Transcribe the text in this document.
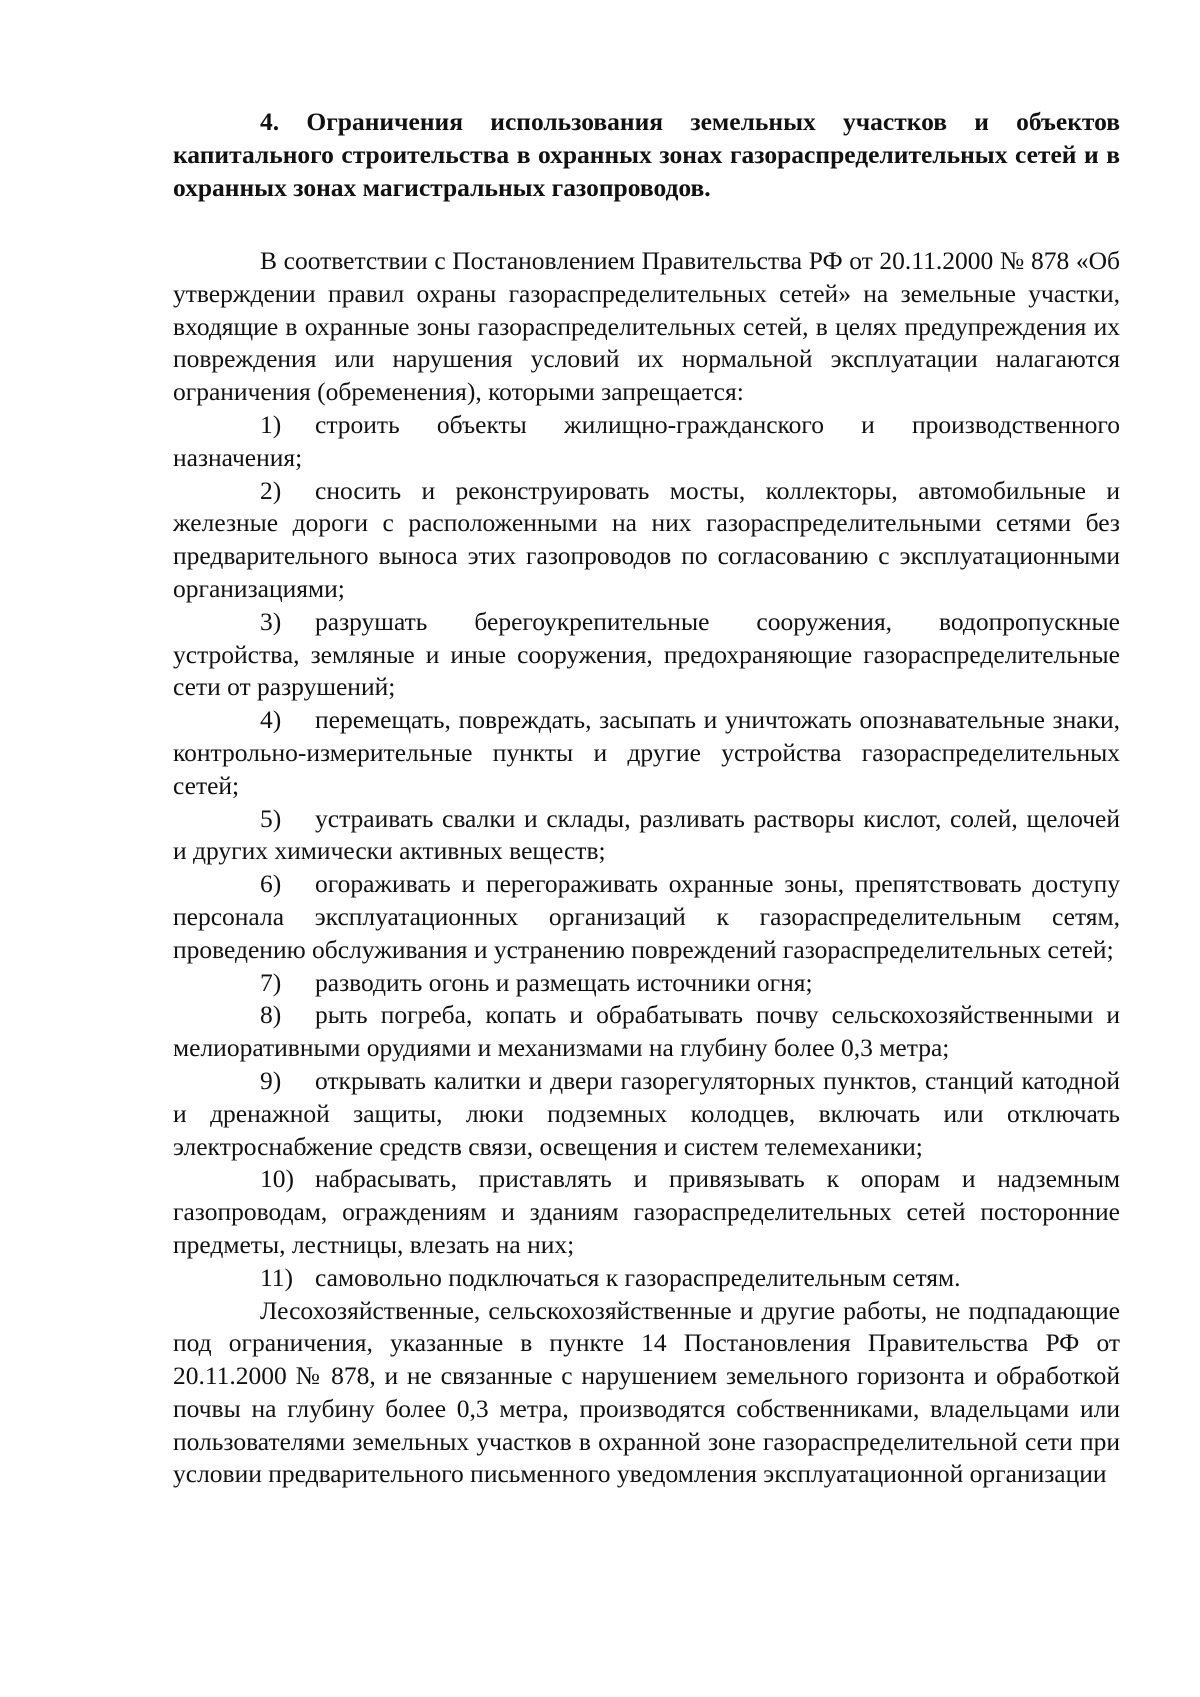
4. Ограничения использования земельных участков и объектов капитального строительства в охранных зонах газораспределительных сетей и в охранных зонах магистральных газопроводов.

В соответствии с Постановлением Правительства РФ от 20.11.2000 № 878 «Об утверждении правил охраны газораспределительных сетей» на земельные участки, входящие в охранные зоны газораспределительных сетей, в целях предупреждения их повреждения или нарушения условий их нормальной эксплуатации налагаются ограничения (обременения), которыми запрещается:

1) строить объекты жилищно-гражданского и производственного назначения;

2) сносить и реконструировать мосты, коллекторы, автомобильные и железные дороги с расположенными на них газораспределительными сетями без предварительного выноса этих газопроводов по согласованию с эксплуатационными организациями;

3) разрушать берегоукрепительные сооружения, водопропускные устройства, земляные и иные сооружения, предохраняющие газораспределительные сети от разрушений;

4) перемещать, повреждать, засыпать и уничтожать опознавательные знаки, контрольно-измерительные пункты и другие устройства газораспределительных сетей;

5) устраивать свалки и склады, разливать растворы кислот, солей, щелочей и других химически активных веществ;

6) огораживать и перегораживать охранные зоны, препятствовать доступу персонала эксплуатационных организаций к газораспределительным сетям, проведению обслуживания и устранению повреждений газораспределительных сетей;

7) разводить огонь и размещать источники огня;

8) рыть погреба, копать и обрабатывать почву сельскохозяйственными и мелиоративными орудиями и механизмами на глубину более 0,3 метра;

9) открывать калитки и двери газорегуляторных пунктов, станций катодной и дренажной защиты, люки подземных колодцев, включать или отключать электроснабжение средств связи, освещения и систем телемеханики;

10) набрасывать, приставлять и привязывать к опорам и надземным газопроводам, ограждениям и зданиям газораспределительных сетей посторонние предметы, лестницы, влезать на них;

11) самовольно подключаться к газораспределительным сетям.

Лесохозяйственные, сельскохозяйственные и другие работы, не подпадающие под ограничения, указанные в пункте 14 Постановления Правительства РФ от 20.11.2000 № 878, и не связанные с нарушением земельного горизонта и обработкой почвы на глубину более 0,3 метра, производятся собственниками, владельцами или пользователями земельных участков в охранной зоне газораспределительной сети при условии предварительного письменного уведомления эксплуатационной организации
